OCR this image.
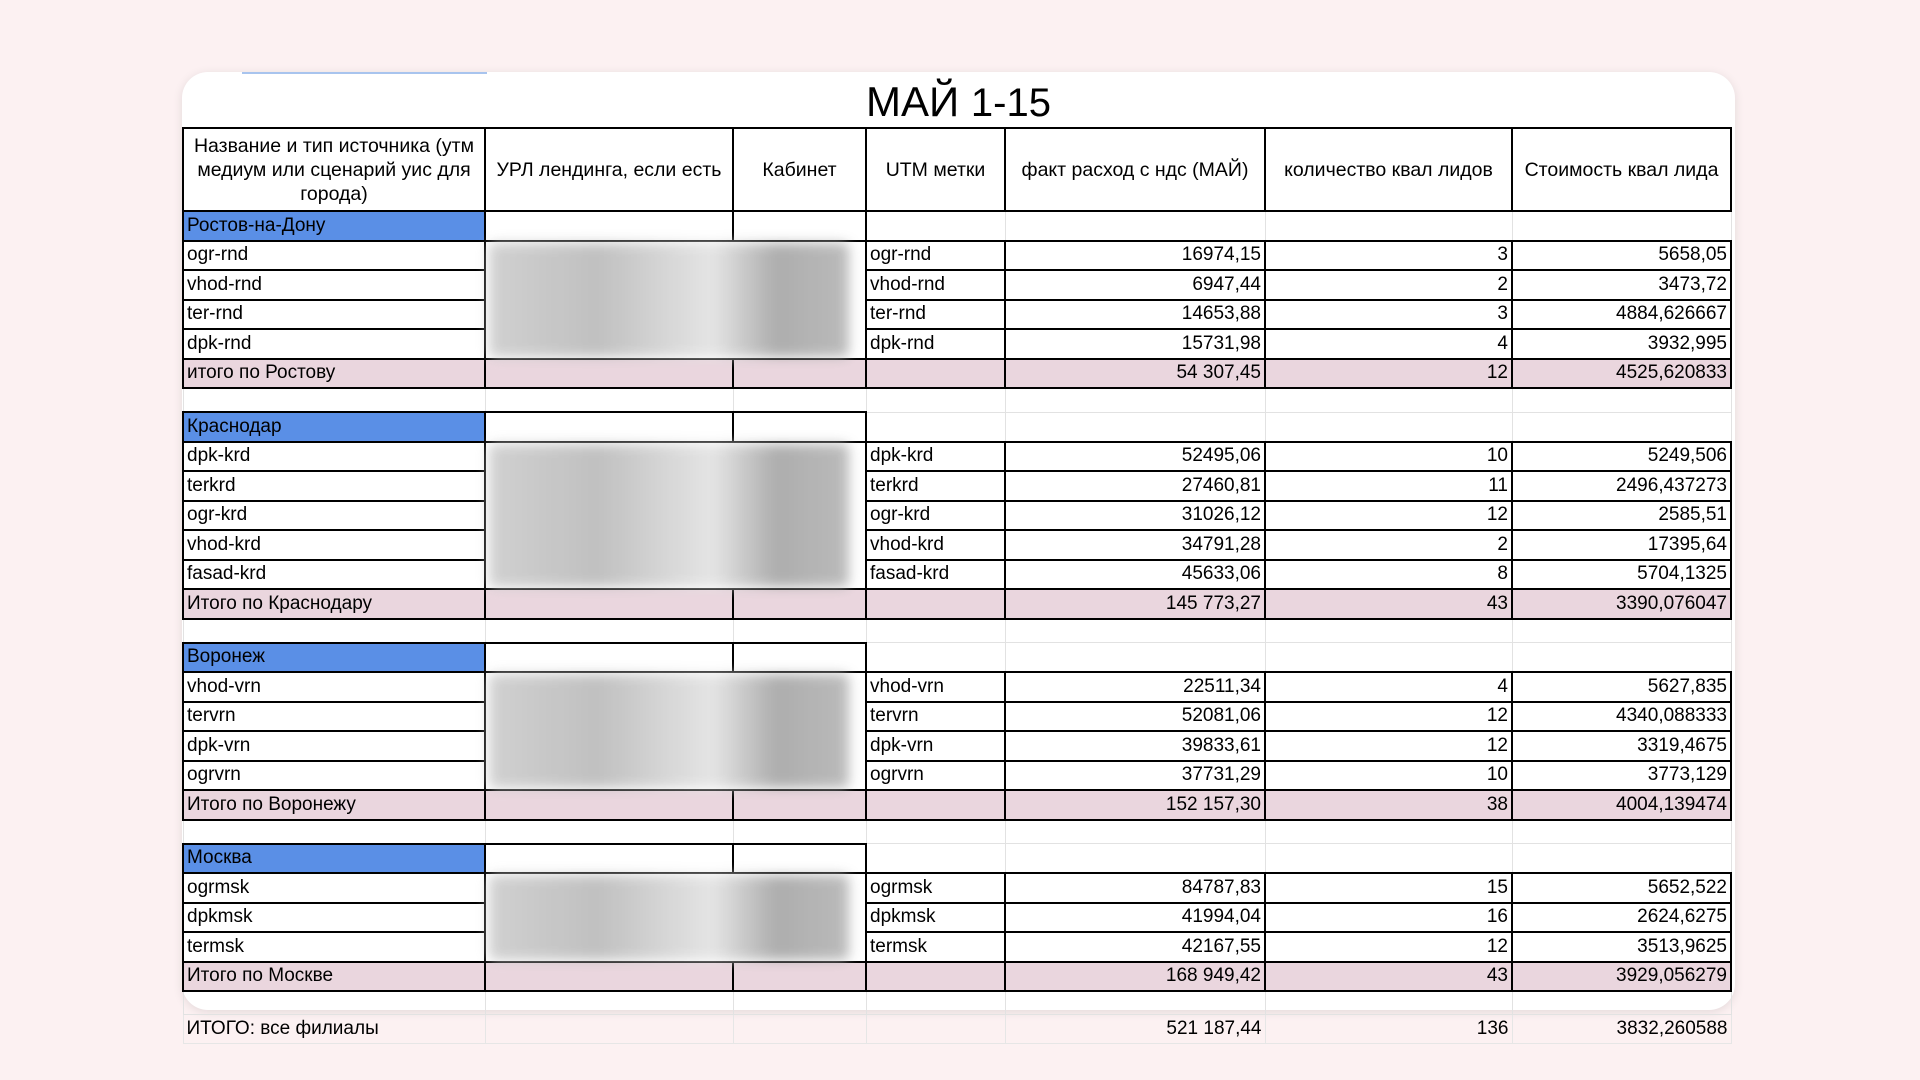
МАЙ 1-15
Название и тип источника (утм медиум или сценарий уис для города)	УРЛ лендинга, если есть	Кабинет	UTM метки	факт расход с ндс (МАЙ)	количество квал лидов	Стоимость квал лида
Ростов-на-Дону						
ogr-rnd			ogr-rnd	16974,15	3	5658,05
vhod-rnd			vhod-rnd	6947,44	2	3473,72
ter-rnd			ter-rnd	14653,88	3	4884,626667
dpk-rnd			dpk-rnd	15731,98	4	3932,995
итого по Ростову				54 307,45	12	4525,620833

Краснодар						
dpk-krd			dpk-krd	52495,06	10	5249,506
terkrd			terkrd	27460,81	11	2496,437273
ogr-krd			ogr-krd	31026,12	12	2585,51
vhod-krd			vhod-krd	34791,28	2	17395,64
fasad-krd			fasad-krd	45633,06	8	5704,1325
Итого по Краснодару				145 773,27	43	3390,076047

Воронеж						
vhod-vrn			vhod-vrn	22511,34	4	5627,835
tervrn			tervrn	52081,06	12	4340,088333
dpk-vrn			dpk-vrn	39833,61	12	3319,4675
ogrvrn			ogrvrn	37731,29	10	3773,129
Итого по Воронежу				152 157,30	38	4004,139474

Москва						
ogrmsk			ogrmsk	84787,83	15	5652,522
dpkmsk			dpkmsk	41994,04	16	2624,6275
termsk			termsk	42167,55	12	3513,9625
Итого по Москве				168 949,42	43	3929,056279

ИТОГО: все филиалы				521 187,44	136	3832,260588
